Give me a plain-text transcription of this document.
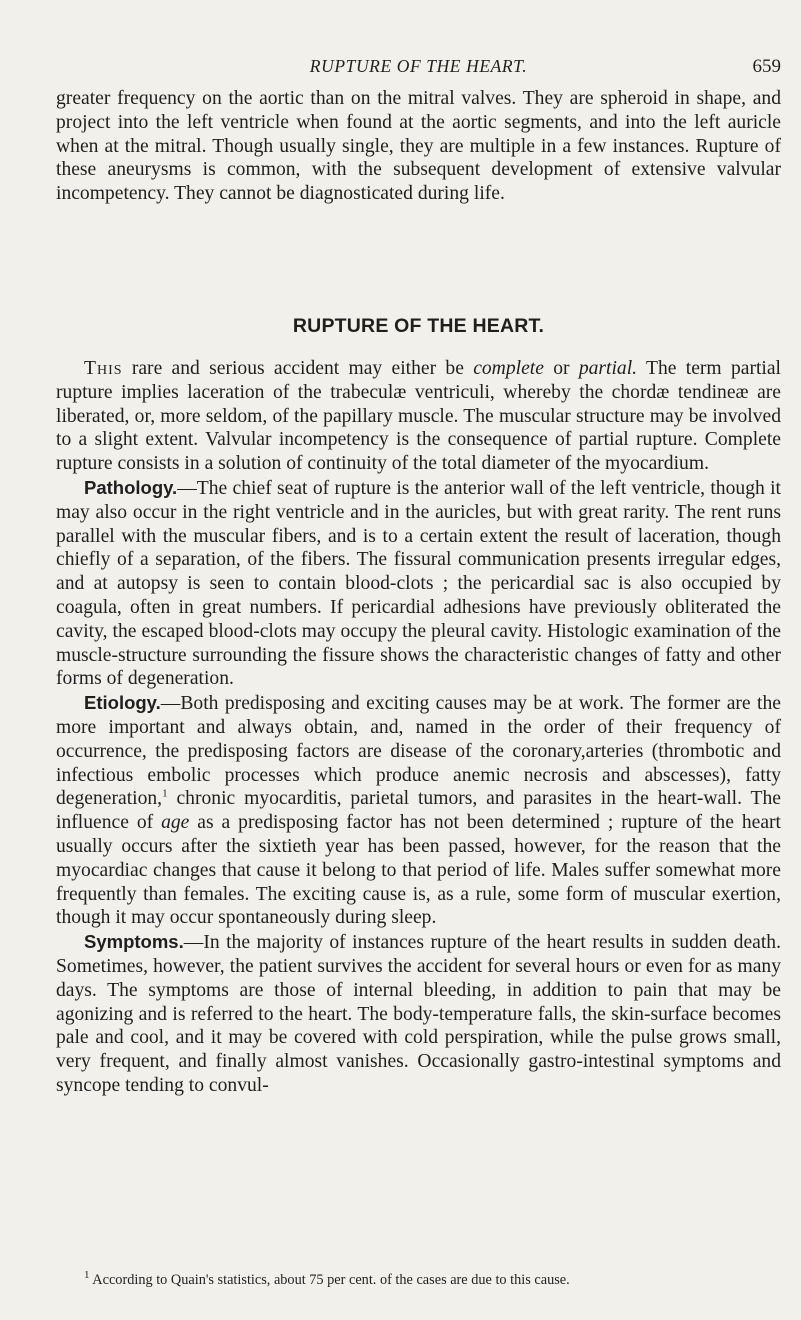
RUPTURE OF THE HEART.	659

greater frequency on the aortic than on the mitral valves. They are spheroid in shape, and project into the left ventricle when found at the aortic segments, and into the left auricle when at the mitral. Though usually single, they are multiple in a few instances. Rupture of these aneurysms is common, with the subsequent development of extensive valvular incompetency. They cannot be diagnosticated during life.

RUPTURE OF THE HEART.

This rare and serious accident may either be complete or partial. The term partial rupture implies laceration of the trabeculæ ventriculi, whereby the chordæ tendineæ are liberated, or, more seldom, of the papillary muscle. The muscular structure may be involved to a slight extent. Valvular incompetency is the consequence of partial rupture. Complete rupture consists in a solution of continuity of the total diameter of the myocardium.

Pathology.—The chief seat of rupture is the anterior wall of the left ventricle, though it may also occur in the right ventricle and in the auricles, but with great rarity. The rent runs parallel with the muscular fibers, and is to a certain extent the result of laceration, though chiefly of a separation, of the fibers. The fissural communication presents irregular edges, and at autopsy is seen to contain blood-clots ; the pericardial sac is also occupied by coagula, often in great numbers. If pericardial adhesions have previously obliterated the cavity, the escaped blood-clots may occupy the pleural cavity. Histologic examination of the muscle-structure surrounding the fissure shows the characteristic changes of fatty and other forms of degeneration.

Etiology.—Both predisposing and exciting causes may be at work. The former are the more important and always obtain, and, named in the order of their frequency of occurrence, the predisposing factors are disease of the coronary,arteries (thrombotic and infectious embolic processes which produce anemic necrosis and abscesses), fatty degeneration,$^1$ chronic myocarditis, parietal tumors, and parasites in the heart-wall. The influence of age as a predisposing factor has not been determined ; rupture of the heart usually occurs after the sixtieth year has been passed, however, for the reason that the myocardiac changes that cause it belong to that period of life. Males suffer somewhat more frequently than females. The exciting cause is, as a rule, some form of muscular exertion, though it may occur spontaneously during sleep.

Symptoms.—In the majority of instances rupture of the heart results in sudden death. Sometimes, however, the patient survives the accident for several hours or even for as many days. The symptoms are those of internal bleeding, in addition to pain that may be agonizing and is referred to the heart. The body-temperature falls, the skin-surface becomes pale and cool, and it may be covered with cold perspiration, while the pulse grows small, very frequent, and finally almost vanishes. Occasionally gastro-intestinal symptoms and syncope tending to convul-

$^1$ According to Quain's statistics, about 75 per cent. of the cases are due to this cause.
